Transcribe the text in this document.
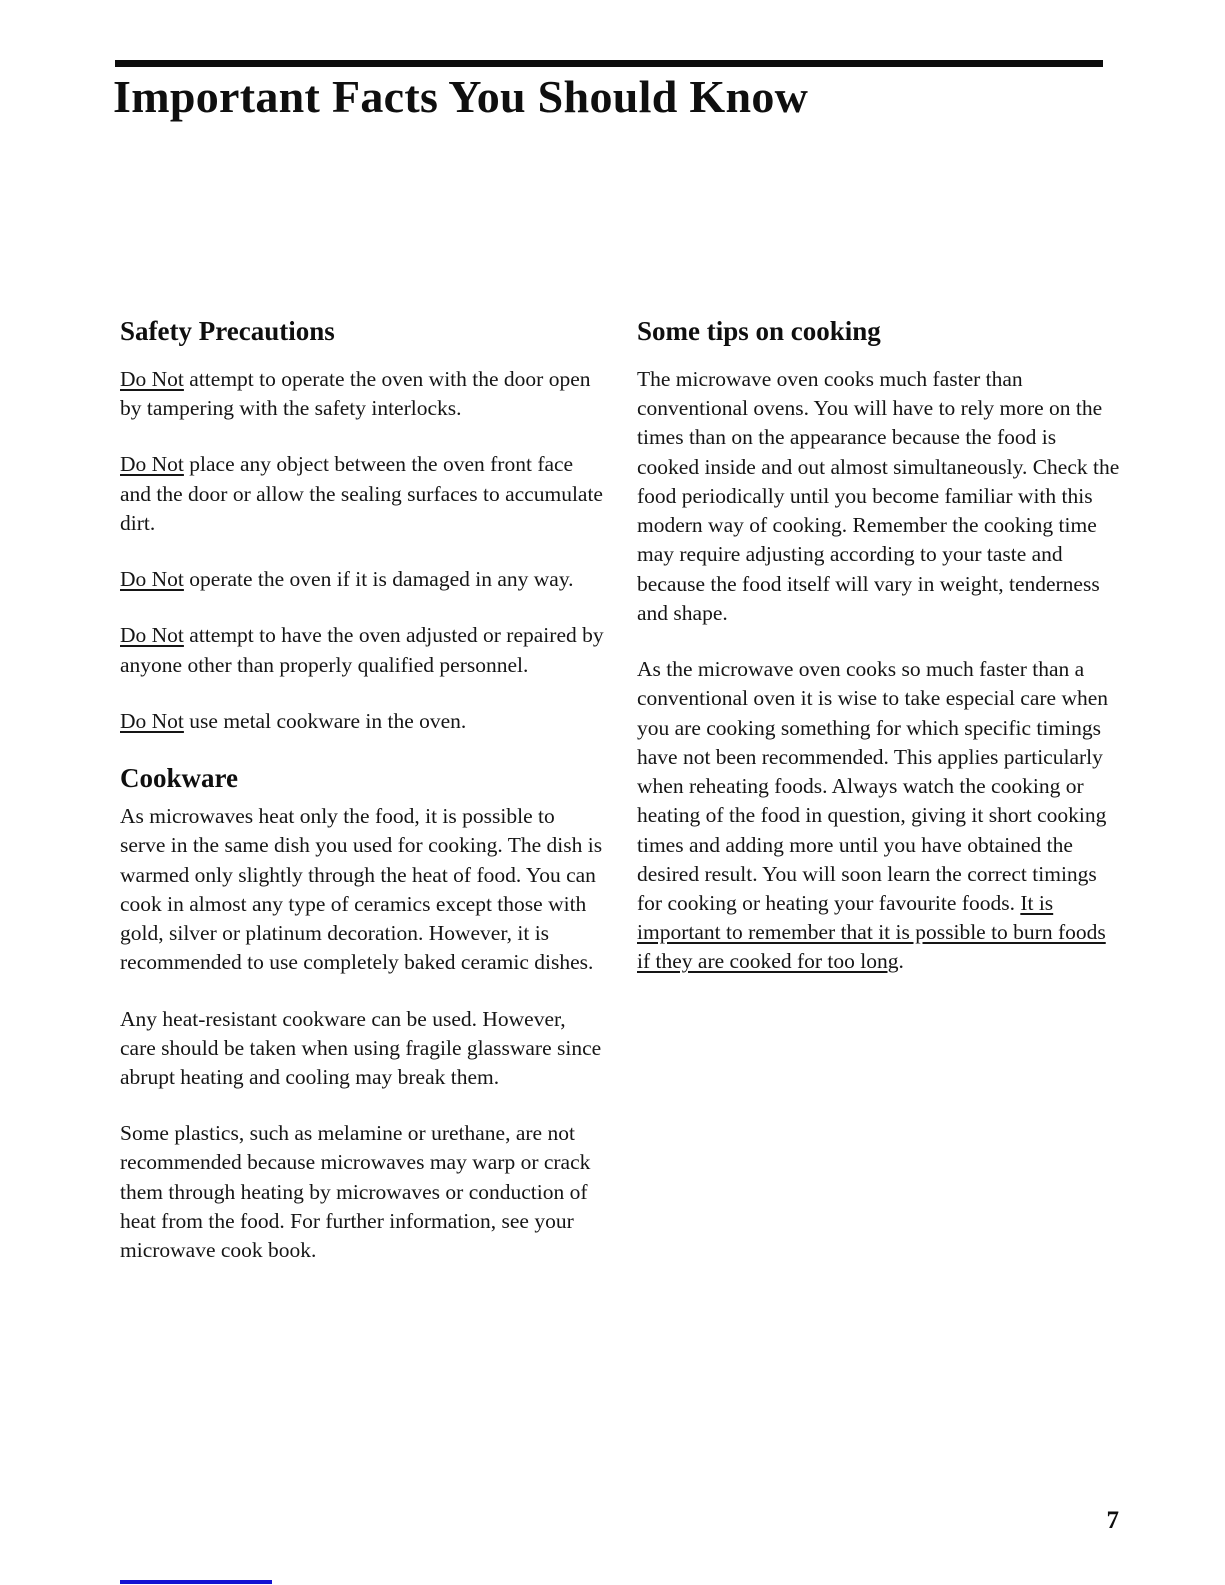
Important Facts You Should Know
Safety Precautions

Do Not attempt to operate the oven with the door open by tampering with the safety interlocks.

Do Not place any object between the oven front face and the door or allow the sealing surfaces to accumulate dirt.

Do Not operate the oven if it is damaged in any way.

Do Not attempt to have the oven adjusted or repaired by anyone other than properly qualified personnel.

Do Not use metal cookware in the oven.

Cookware

As microwaves heat only the food, it is possible to serve in the same dish you used for cooking. The dish is warmed only slightly through the heat of food. You can cook in almost any type of ceramics except those with gold, silver or platinum decoration. However, it is recommended to use completely baked ceramic dishes.

Any heat-resistant cookware can be used. However, care should be taken when using fragile glassware since abrupt heating and cooling may break them.

Some plastics, such as melamine or urethane, are not recommended because microwaves may warp or crack them through heating by microwaves or conduction of heat from the food. For further information, see your microwave cook book.

Some tips on cooking

The microwave oven cooks much faster than conventional ovens. You will have to rely more on the times than on the appearance because the food is cooked inside and out almost simultaneously. Check the food periodically until you become familiar with this modern way of cooking. Remember the cooking time may require adjusting according to your taste and because the food itself will vary in weight, tenderness and shape.

As the microwave oven cooks so much faster than a conventional oven it is wise to take especial care when you are cooking something for which specific timings have not been recommended. This applies particularly when reheating foods. Always watch the cooking or heating of the food in question, giving it short cooking times and adding more until you have obtained the desired result. You will soon learn the correct timings for cooking or heating your favourite foods. It is important to remember that it is possible to burn foods if they are cooked for too long.

7
